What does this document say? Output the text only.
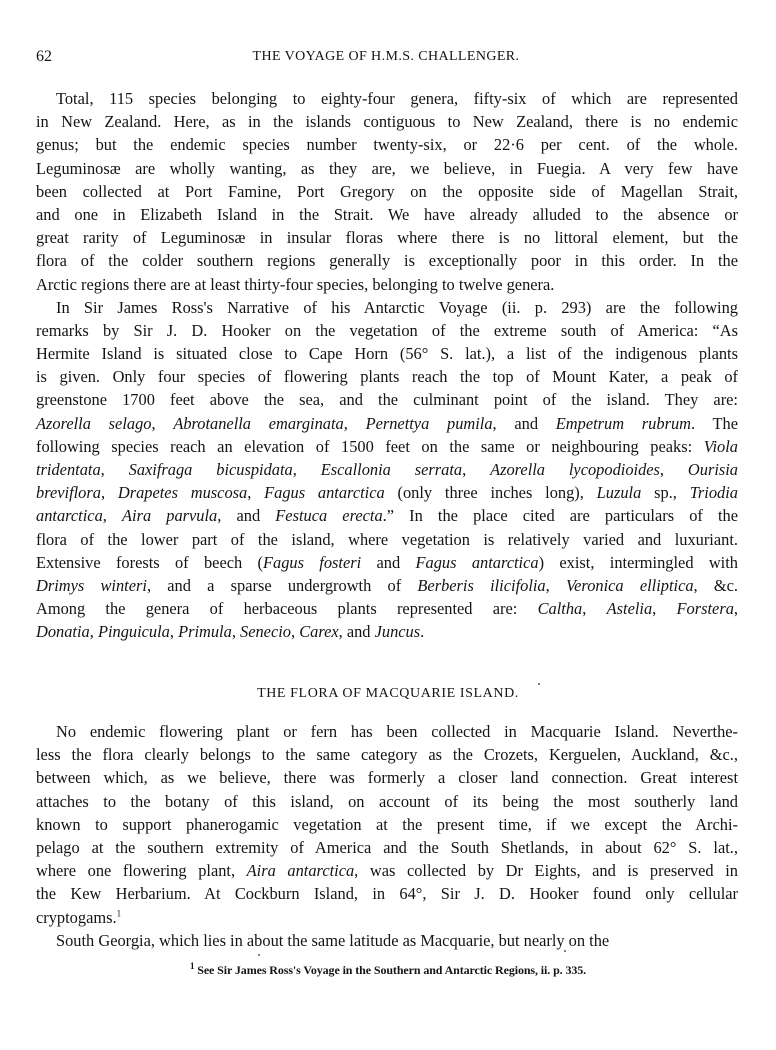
62	THE VOYAGE OF H.M.S. CHALLENGER.
Total, 115 species belonging to eighty-four genera, fifty-six of which are represented
in New Zealand. Here, as in the islands contiguous to New Zealand, there is no endemic
genus; but the endemic species number twenty-six, or 22·6 per cent. of the whole.
Leguminosæ are wholly wanting, as they are, we believe, in Fuegia. A very few have
been collected at Port Famine, Port Gregory on the opposite side of Magellan Strait,
and one in Elizabeth Island in the Strait. We have already alluded to the absence or
great rarity of Leguminosæ in insular floras where there is no littoral element, but the
flora of the colder southern regions generally is exceptionally poor in this order. In the
Arctic regions there are at least thirty-four species, belonging to twelve genera.
In Sir James Ross's Narrative of his Antarctic Voyage (ii. p. 293) are the following
remarks by Sir J. D. Hooker on the vegetation of the extreme south of America: “As
Hermite Island is situated close to Cape Horn (56° S. lat.), a list of the indigenous plants
is given. Only four species of flowering plants reach the top of Mount Kater, a peak of
greenstone 1700 feet above the sea, and the culminant point of the island. They are:
Azorella selago, Abrotanella emarginata, Pernettya pumila, and Empetrum rubrum. The
following species reach an elevation of 1500 feet on the same or neighbouring peaks: Viola
tridentata, Saxifraga bicuspidata, Escallonia serrata, Azorella lycopodioides, Ourisia
breviflora, Drapetes muscosa, Fagus antarctica (only three inches long), Luzula sp., Triodia
antarctica, Aira parvula, and Festuca erecta.” In the place cited are particulars of the
flora of the lower part of the island, where vegetation is relatively varied and luxuriant.
Extensive forests of beech (Fagus fosteri and Fagus antarctica) exist, intermingled with
Drimys winteri, and a sparse undergrowth of Berberis ilicifolia, Veronica elliptica, &c.
Among the genera of herbaceous plants represented are: Caltha, Astelia, Forstera,
Donatia, Pinguicula, Primula, Senecio, Carex, and Juncus.
THE FLORA OF MACQUARIE ISLAND.
No endemic flowering plant or fern has been collected in Macquarie Island. Neverthe-
less the flora clearly belongs to the same category as the Crozets, Kerguelen, Auckland, &c.,
between which, as we believe, there was formerly a closer land connection. Great interest
attaches to the botany of this island, on account of its being the most southerly land
known to support phanerogamic vegetation at the present time, if we except the Archi-
pelago at the southern extremity of America and the South Shetlands, in about 62° S. lat.,
where one flowering plant, Aira antarctica, was collected by Dr Eights, and is preserved in
the Kew Herbarium. At Cockburn Island, in 64°, Sir J. D. Hooker found only cellular
cryptogams.$^1$
South Georgia, which lies in about the same latitude as Macquarie, but nearly on the
$^1$ See Sir James Ross's Voyage in the Southern and Antarctic Regions, ii. p. 335.
